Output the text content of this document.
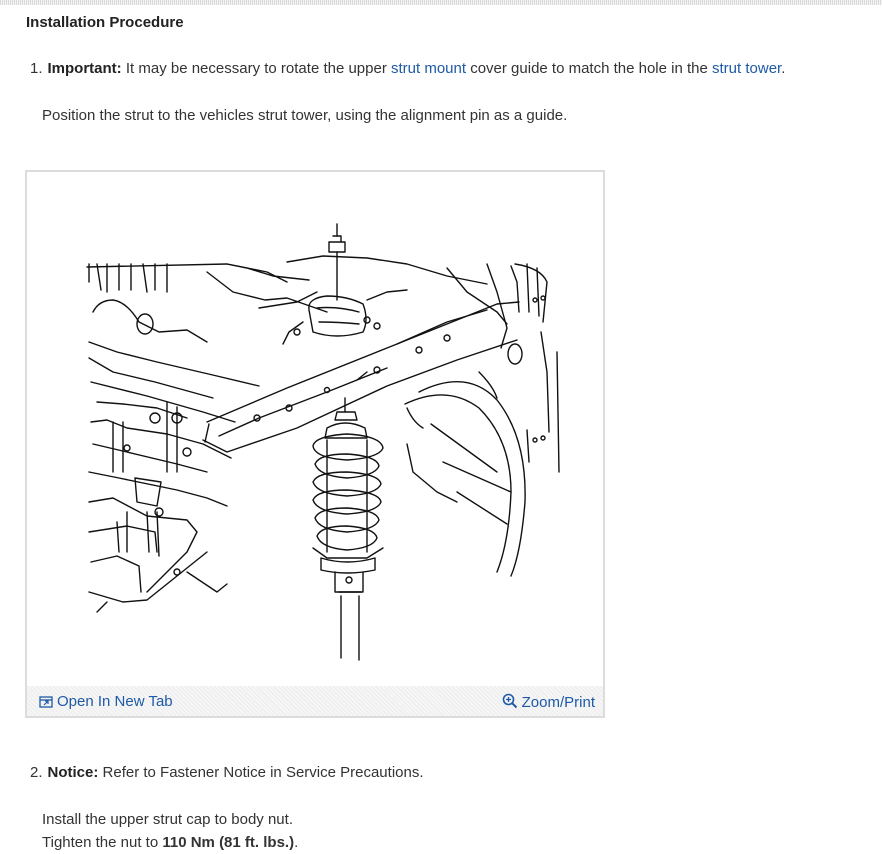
Installation Procedure
1. Important: It may be necessary to rotate the upper strut mount cover guide to match the hole in the strut tower.
Position the strut to the vehicles strut tower, using the alignment pin as a guide.
Open In New Tab	Zoom/Print
2. Notice: Refer to Fastener Notice in Service Precautions.
Install the upper strut cap to body nut.
Tighten the nut to 110 Nm (81 ft. lbs.).
